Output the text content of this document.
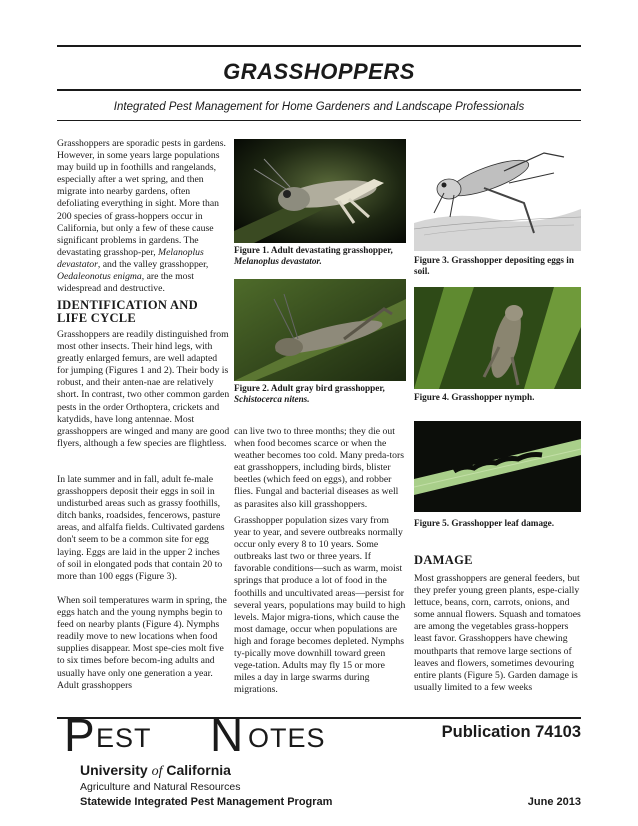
GRASSHOPPERS

Integrated Pest Management for Home Gardeners and Landscape Professionals

Grasshoppers are sporadic pests in gardens. However, in some years large populations may build up in foothills and rangelands, especially after a wet spring, and then migrate into nearby gardens, often defoliating everything in sight. More than 200 species of grass-hoppers occur in California, but only a few of these cause significant problems in gardens. The devastating grasshop-per, Melanoplus devastator, and the valley grasshopper, Oedaleonotus enigma, are the most widespread and destructive.

IDENTIFICATION AND
LIFE CYCLE

Grasshoppers are readily distinguished from most other insects. Their hind legs, with greatly enlarged femurs, are well adapted for jumping (Figures 1 and 2). Their body is robust, and their anten-nae are relatively short. In contrast, two other common garden pests in the order Orthoptera, crickets and katydids, have long antennae. Most grasshoppers are winged and many are good flyers, although a few species are flightless.

In late summer and in fall, adult fe-male grasshoppers deposit their eggs in soil in undisturbed areas such as grassy foothills, ditch banks, roadsides, fencerows, pasture areas, and alfalfa fields. Cultivated gardens don't seem to be a common site for egg laying. Eggs are laid in the upper 2 inches of soil in elongated pods that contain 20 to more than 100 eggs (Figure 3).

When soil temperatures warm in spring, the eggs hatch and the young nymphs begin to feed on nearby plants (Figure 4). Nymphs readily move to new locations when food supplies disappear. Most spe-cies molt five to six times before becom-ing adults and usually have only one generation a year. Adult grasshoppers

Figure 1. Adult devastating grasshopper,
Melanoplus devastator.

Figure 2. Adult gray bird grasshopper,
Schistocerca nitens.

Figure 3. Grasshopper depositing eggs in soil.

Figure 4. Grasshopper nymph.

Figure 5. Grasshopper leaf damage.

can live two to three months; they die out when food becomes scarce or when the weather becomes too cold. Many preda-tors eat grasshoppers, including birds, blister beetles (which feed on eggs), and robber flies. Fungal and bacterial diseases as well as parasites also kill grasshoppers.

Grasshopper population sizes vary from year to year, and severe outbreaks normally occur only every 8 to 10 years. Some outbreaks last two or three years. If favorable conditions—such as warm, moist springs that produce a lot of food in the foothills and uncultivated areas—persist for several years, populations may build to high levels. Major migra-tions, which cause the most damage, occur when populations are high and forage becomes depleted. Nymphs ty-pically move downhill toward green vege-tation. Adults may fly 15 or more miles a day in large swarms during migrations.

DAMAGE

Most grasshoppers are general feeders, but they prefer young green plants, espe-cially lettuce, beans, corn, carrots, onions, and some annual flowers. Squash and tomatoes are among the vegetables grass-hoppers least favor. Grasshoppers have chewing mouthparts that remove large sections of leaves and flowers, sometimes devouring entire plants (Figure 5). Garden damage is usually limited to a few weeks

P EST N OTES	Publication 74103
University of California
Agriculture and Natural Resources
Statewide Integrated Pest Management Program	June 2013
